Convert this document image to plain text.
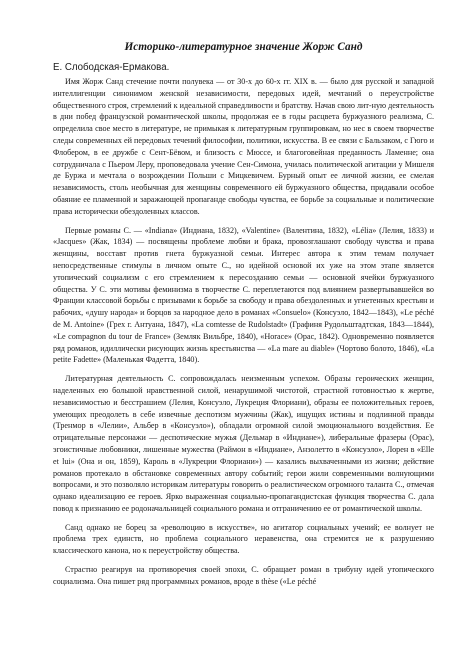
Историко-литературное значение Жорж Санд
Е. Слободская-Ермакова.

Имя Жорж Санд стечение почти полувека — от 30-х до 60-х гг. XIX в. — было для русской и западной интеллигенции синонимом женской независимости, передовых идей, мечтаний о переустройстве общественного строя, стремлений к идеальной справедливости и братству. Начав свою лит-ную деятельность в дни побед французской романтической школы, продолжая ее в годы расцвета буржуазного реализма, С. определила свое место в литературе, не примыкая к литературным группировкам, но нес в своем творчестве следы современных ей передовых течений философии, политики, искусства. В ее связи с Бальзаком, с Гюго и Флобером, в ее дружбе с Сент-Бёвом, и близость с Мюссе, и благоговейная преданность Ламенне; она сотрудничала с Пьером Леру, проповедовала учение Сен-Симона, училась политической агитации у Мишеля де Буржа и мечтала о возрождении Польши с Мицкевичем. Бурный опыт ее личной жизни, ее смелая независимость, столь необычная для женщины современного ей буржуазного общества, придавали особое обаяние ее пламенной и заражающей пропаганде свободы чувства, ее борьбе за социальные и политические права исторически обездоленных классов.

Первые романы С. — «Indiana» (Индиана, 1832), «Valentine» (Валентина, 1832), «Lélia» (Лелия, 1833) и «Jacques» (Жак, 1834) — посвящены проблеме любви и брака, провозглашают свободу чувства и права женщины, восставт против гнета буржуазной семьи. Интерес автора к этим темам получает непосредственные стимулы в личном опыте С., но идейной основой их уже на этом этапе является утопический социализм с его стремлением к пересозданию семьи — основной ячейки буржуазного общества. У С. эти мотивы феминизма в творчестве С. переплетаются под влиянием развертывавшейся во Франции классовой борьбы с призывами к борьбе за свободу и права обездоленных и угнетенных крестьян и рабочих, «душу народа» и борцов за народное дело в романах «Consuelo» (Консуэло, 1842—1843), «Le péché de M. Antoine» (Грех г. Антуана, 1847), «La comtesse de Rudolstadt» (Графиня Рудольштадтская, 1843—1844), «Le compagnon du tour de France» (Земляк Вильбре, 1840), «Horace» (Орас, 1842). Одновременно появляется ряд романов, идиллически рисующих жизнь крестьянства — «La mare au diable» (Чортово болото, 1846), «La petite Fadette» (Маленькая Фадетта, 1840).

Литературная деятельность С. сопровождалась неизменным успехом. Образы героических женщин, наделенных ею большой нравственной силой, ненарушимой чистотой, страстной готовностью к жертве, независимостью и бесстрашием (Лелия, Консуэло, Лукреция Флориани), образы ее положительных героев, умеющих преодолеть в себе извечные деспотизм мужчины (Жак), ищущих истины и подлинной правды (Тренмор в «Лелии», Альбер в «Консуэло»), обладали огромной силой эмоционального воздействия. Ее отрицательные персонажи — деспотические мужья (Дельмар в «Индиане»), либеральные фразеры (Орас), эгоистичные любовники, лишенные мужества (Раймон в «Индиане», Анзолетто в «Консуэло», Лорен в «Elle et lui» (Она и он, 1859), Кароль в «Лукреции Флориани») — казались выхваченными из жизни; действие романов протекало в обстановке современных автору событий; герои жили современными волнующими вопросами, и это позволяло историкам литературы говорить о реалистическом огромного таланта С., отмечая однако идеализацию ее героев. Ярко выраженная социально-пропагандистская функция творчества С. дала повод к признанию ее родоначальницей социального романа и отграничению ее от романтической школы.

Санд однако не борец за «революцию в искусстве», но агитатор социальных учений; ее волнует не проблема трех единств, но проблема социального неравенства, она стремится не к разрушению классического канона, но к переустройству общества.

Страстно реагируя на противоречия своей эпохи, С. обращает роман в трибуну идей утопического социализма. Она пишет ряд программных романов, вроде в thèse («Le péché
